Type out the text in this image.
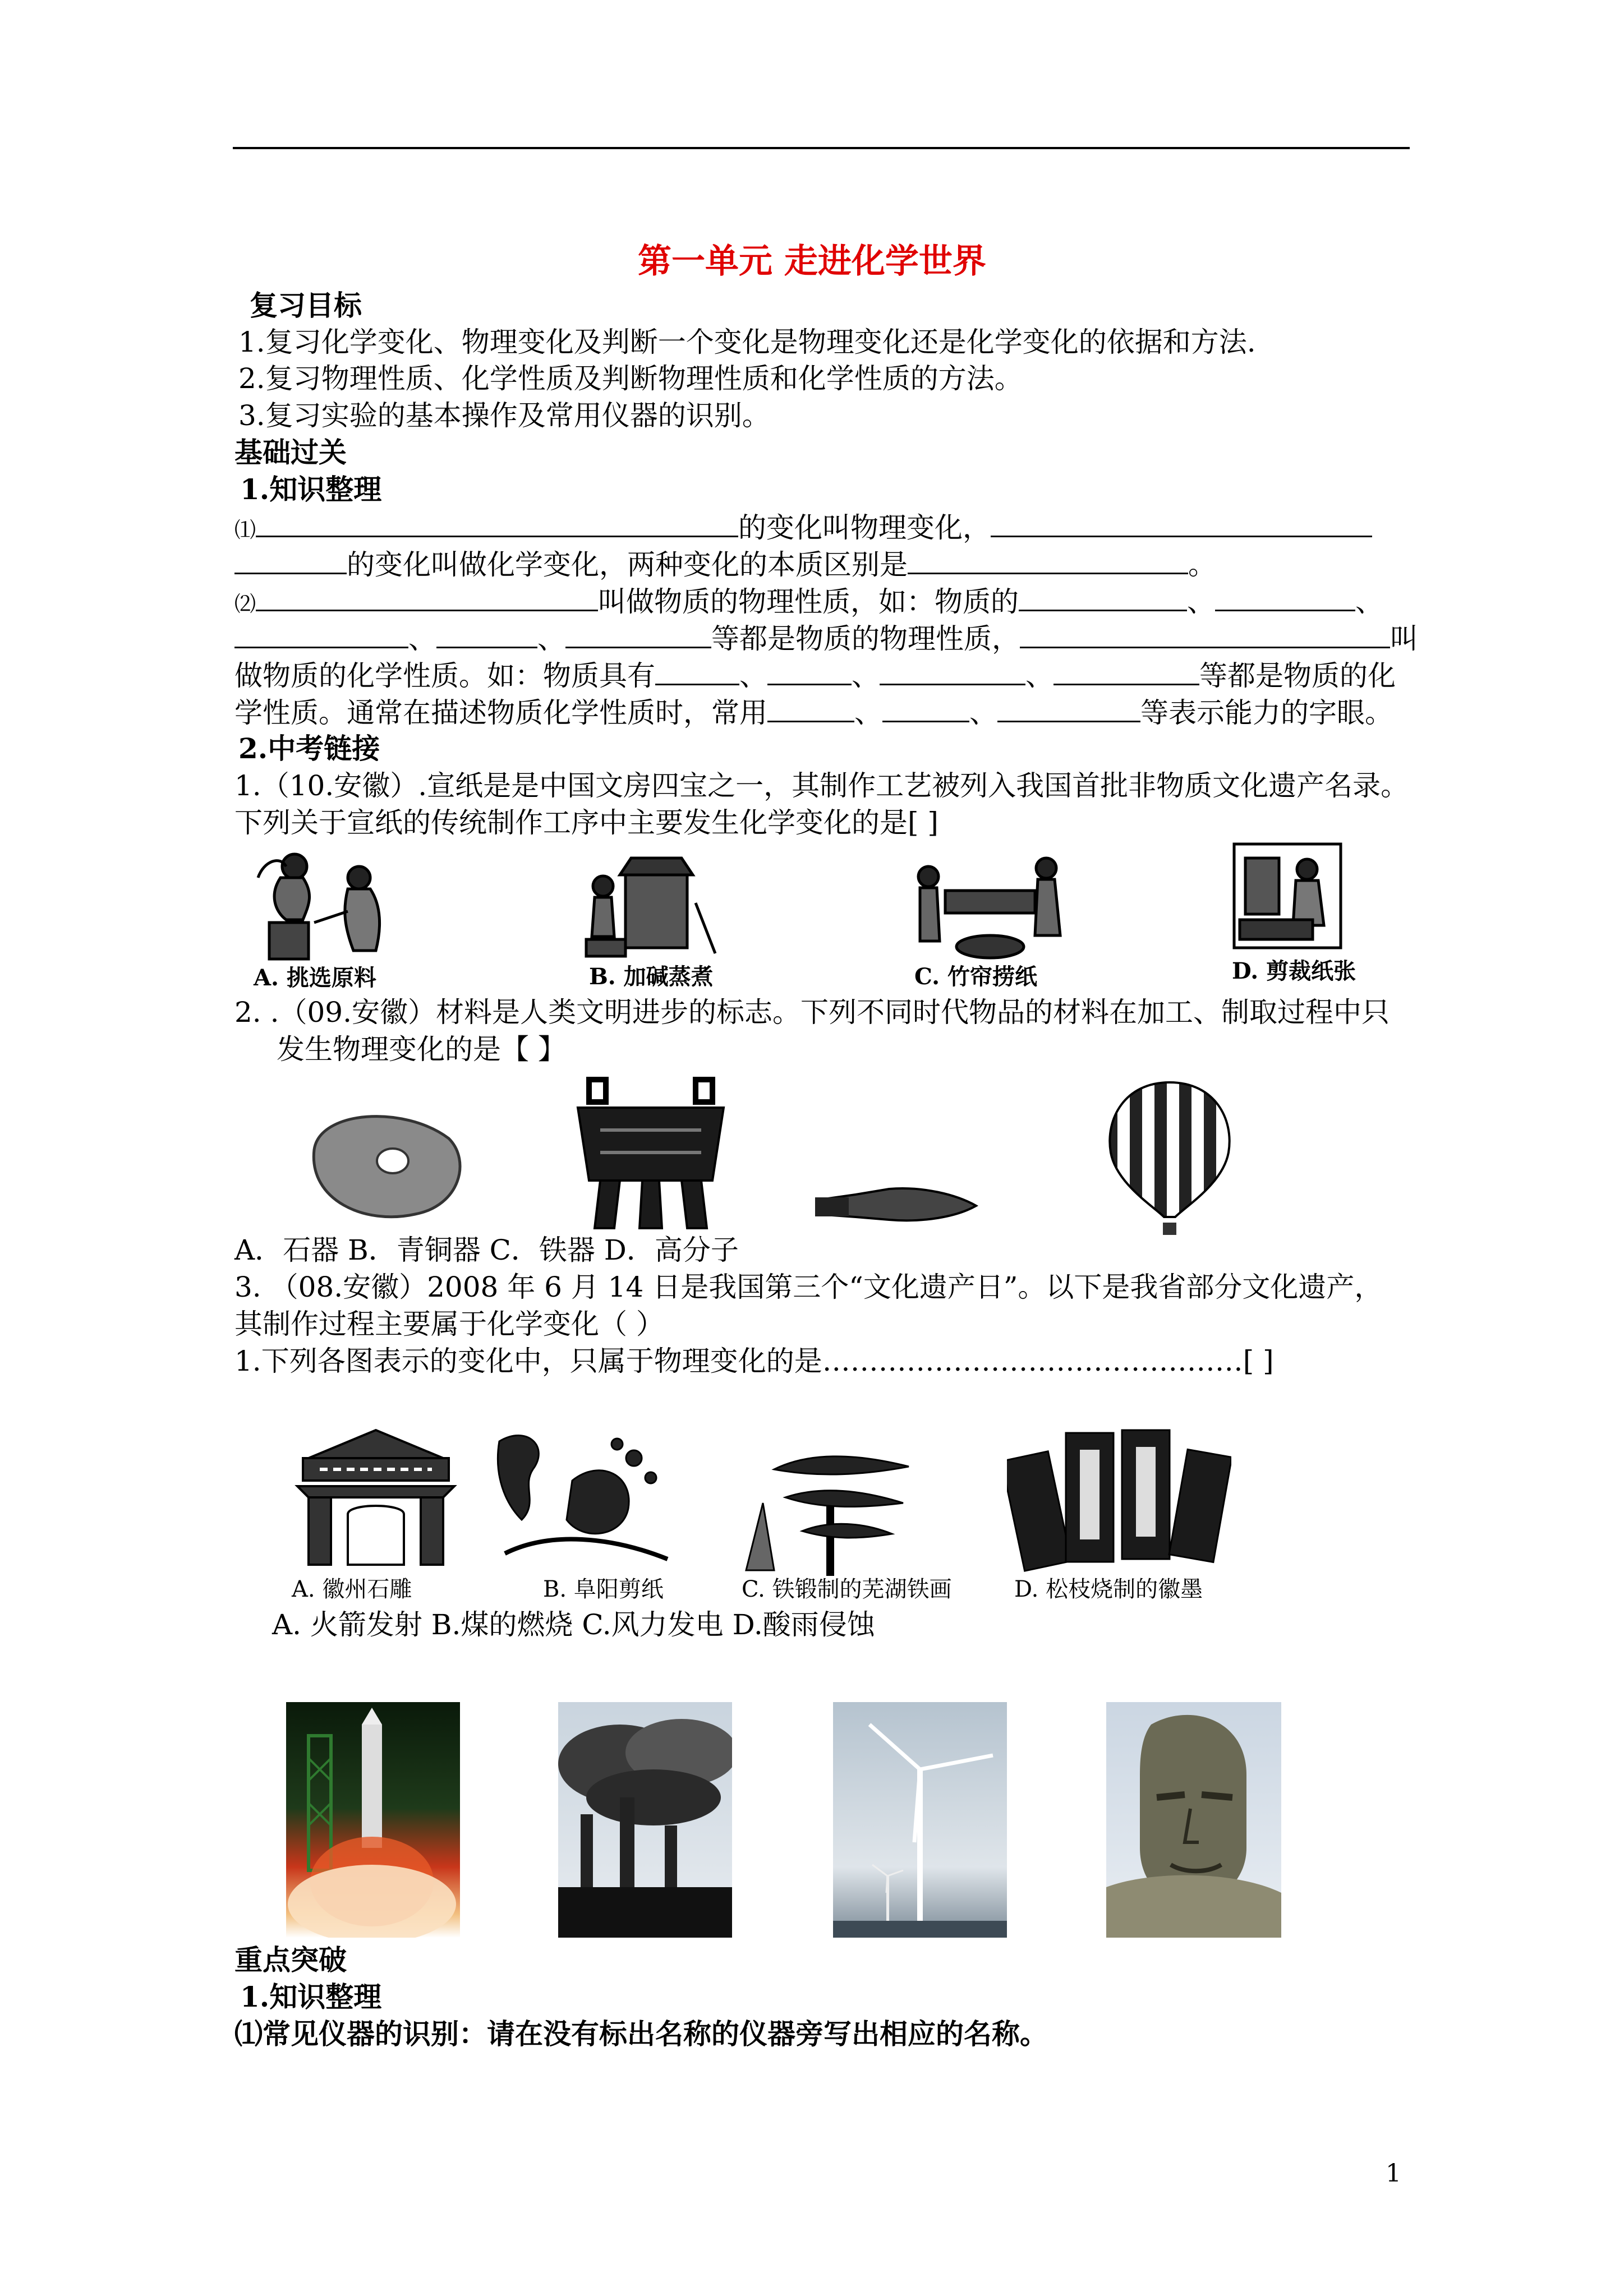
第一单元 走进化学世界
复习目标
1.复习化学变化、物理变化及判断一个变化是物理变化还是化学变化的依据和方法.
2.复习物理性质、化学性质及判断物理性质和化学性质的方法。
3.复习实验的基本操作及常用仪器的识别。
基础过关
1.知识整理
⑴	的变化叫物理变化，
的变化叫做化学变化，两种变化的本质区别是	。
⑵	叫做物质的物理性质，如：物质的	、	、
、	、	等都是物质的物理性质，	叫
做物质的化学性质。如：物质具有	、	、	、	等都是物质的化
学性质。通常在描述物质化学性质时，常用	、	、	等表示能力的字眼。
2.中考链接
1.（10.安徽）.宣纸是是中国文房四宝之一，其制作工艺被列入我国首批非物质文化遗产名录。
下列关于宣纸的传统制作工序中主要发生化学变化的是[ ]
A. 挑选原料	B. 加碱蒸煮	C. 竹帘捞纸	D. 剪裁纸张
2. .（09.安徽）材料是人类文明进步的标志。下列不同时代物品的材料在加工、制取过程中只
发生物理变化的是【 】
A．石器 B．青铜器 C．铁器 D．高分子
3. （08.安徽）2008 年 6 月 14 日是我国第三个“文化遗产日”。以下是我省部分文化遗产，
其制作过程主要属于化学变化（ ）
1.下列各图表示的变化中，只属于物理变化的是………………………………………[ ]
A. 徽州石雕	B. 阜阳剪纸	C. 铁锻制的芜湖铁画	D. 松枝烧制的徽墨
A. 火箭发射 B.煤的燃烧 C.风力发电 D.酸雨侵蚀
重点突破
1.知识整理
⑴常见仪器的识别：请在没有标出名称的仪器旁写出相应的名称。
1
